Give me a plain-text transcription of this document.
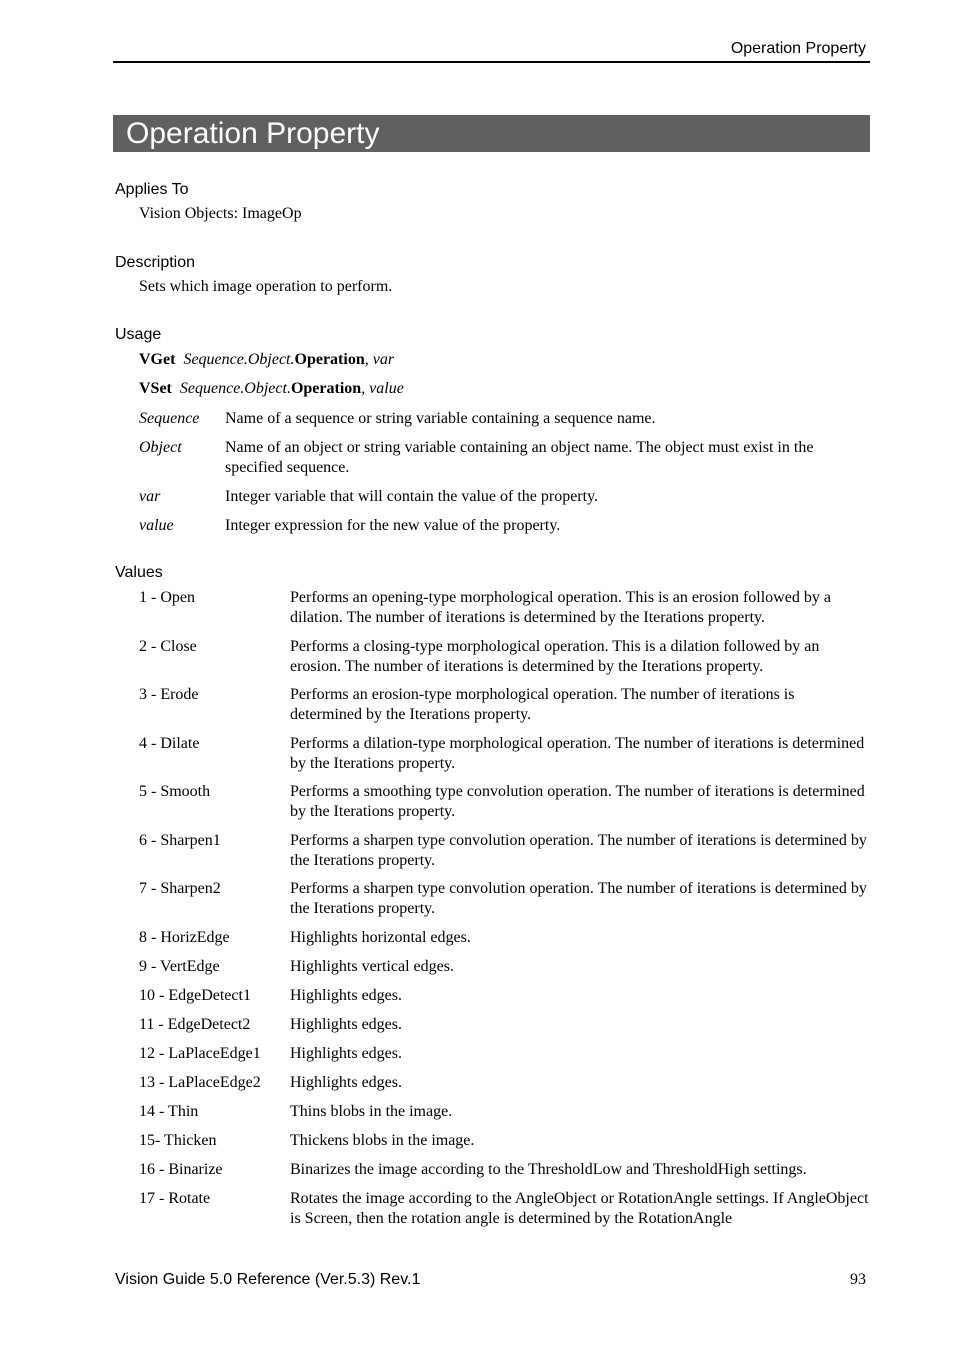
Operation Property
Operation Property
Applies To
Vision Objects: ImageOp
Description
Sets which image operation to perform.
Usage
VGet Sequence.Object.Operation, var
VSet Sequence.Object.Operation, value
Sequence Name of a sequence or string variable containing a sequence name.
Object	Name of an object or string variable containing an object name. The object must exist in the specified sequence.
var	Integer variable that will contain the value of the property.
value	Integer expression for the new value of the property.
Values
1 - Open	Performs an opening-type morphological operation. This is an erosion followed by a dilation. The number of iterations is determined by the Iterations property.
2 - Close	Performs a closing-type morphological operation. This is a dilation followed by an erosion. The number of iterations is determined by the Iterations property.
3 - Erode	Performs an erosion-type morphological operation. The number of iterations is determined by the Iterations property.
4 - Dilate	Performs a dilation-type morphological operation. The number of iterations is determined by the Iterations property.
5 - Smooth	Performs a smoothing type convolution operation. The number of iterations is determined by the Iterations property.
6 - Sharpen1	Performs a sharpen type convolution operation. The number of iterations is determined by the Iterations property.
7 - Sharpen2	Performs a sharpen type convolution operation. The number of iterations is determined by the Iterations property.
8 - HorizEdge	Highlights horizontal edges.
9 - VertEdge	Highlights vertical edges.
10 - EdgeDetect1 Highlights edges.
11 - EdgeDetect2 Highlights edges.
12 - LaPlaceEdge1 Highlights edges.
13 - LaPlaceEdge2 Highlights edges.
14 - Thin	Thins blobs in the image.
15- Thicken	Thickens blobs in the image.
16 - Binarize	Binarizes the image according to the ThresholdLow and ThresholdHigh settings.
17 - Rotate	Rotates the image according to the AngleObject or RotationAngle settings. If AngleObject is Screen, then the rotation angle is determined by the RotationAngle
Vision Guide 5.0 Reference (Ver.5.3) Rev.1	93
